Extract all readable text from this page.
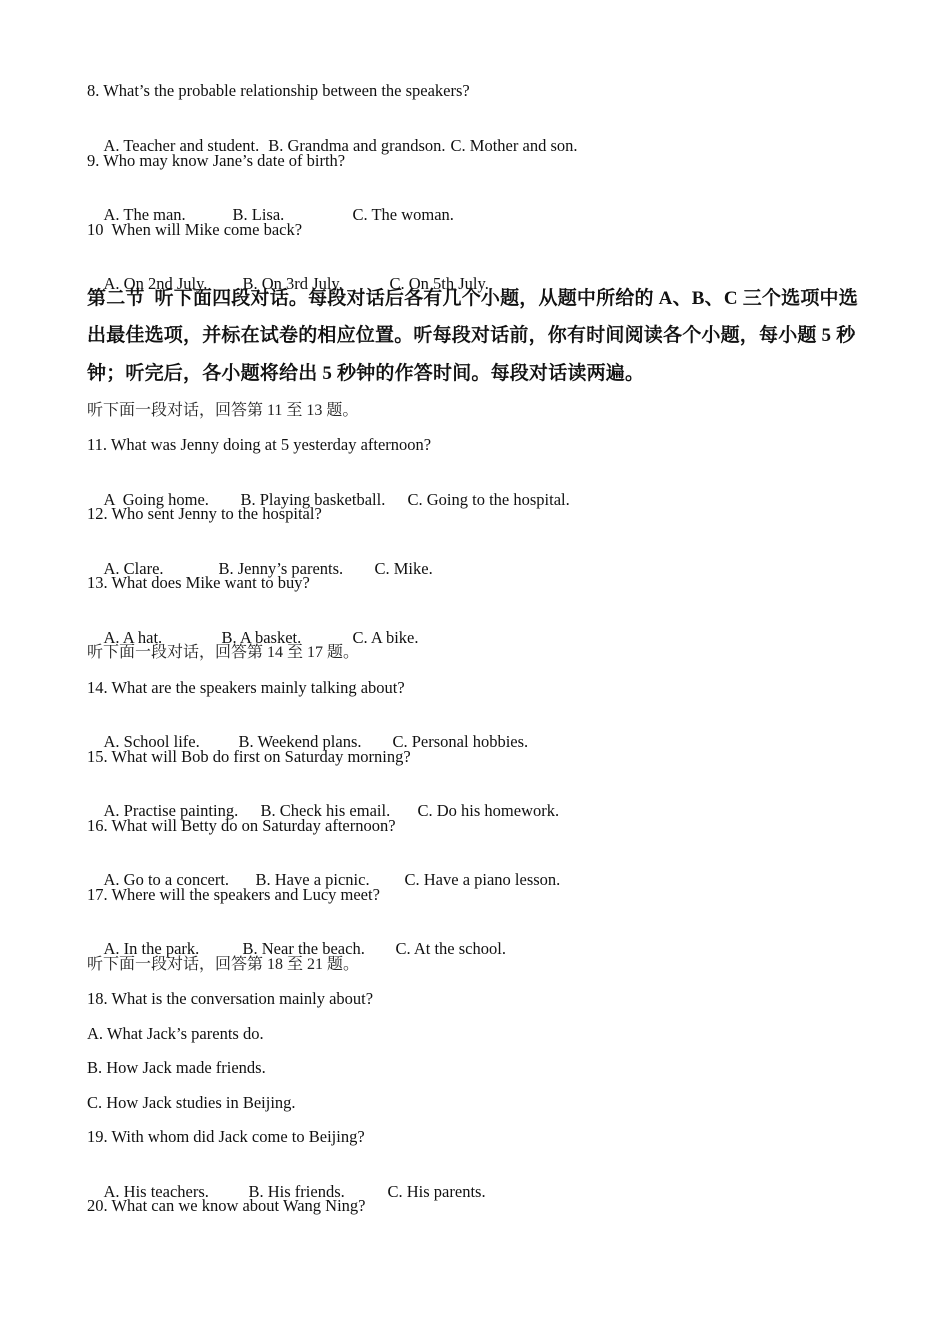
8. What’s the probable relationship between the speakers?

A. Teacher and student. B. Grandma and grandson. C. Mother and son.

9. Who may know Jane’s date of birth?

A. The man.	B. Lisa.	C. The woman.

10  When will Mike come back?

A. On 2nd July. B. On 3rd July.	C. On 5th July.

第二节  听下面四段对话。每段对话后各有几个小题，从题中所给的 A、B、C 三个选项中选
出最佳选项，并标在试卷的相应位置。听每段对话前，你有时间阅读各个小题，每小题 5 秒
钟；听完后，各小题将给出 5 秒钟的作答时间。每段对话读两遍。
听下面一段对话，回答第 11 至 13 题。
11. What was Jenny doing at 5 yesterday afternoon?

A  Going home. B. Playing basketball. C. Going to the hospital.

12. Who sent Jenny to the hospital?

A. Clare.	B. Jenny’s parents. C. Mike.

13. What does Mike want to buy?

A. A hat.	B. A basket.	C. A bike.

听下面一段对话，回答第 14 至 17 题。
14. What are the speakers mainly talking about?

A. School life. B. Weekend plans. C. Personal hobbies.

15. What will Bob do first on Saturday morning?

A. Practise painting. B. Check his email. C. Do his homework.

16. What will Betty do on Saturday afternoon?

A. Go to a concert. B. Have a picnic. C. Have a piano lesson.

17. Where will the speakers and Lucy meet?

A. In the park.	B. Near the beach. C. At the school.

听下面一段对话，回答第 18 至 21 题。
18. What is the conversation mainly about?
A. What Jack’s parents do.
B. How Jack made friends.
C. How Jack studies in Beijing.
19. With whom did Jack come to Beijing?

A. His teachers. B. His friends.	C. His parents.

20. What can we know about Wang Ning?
